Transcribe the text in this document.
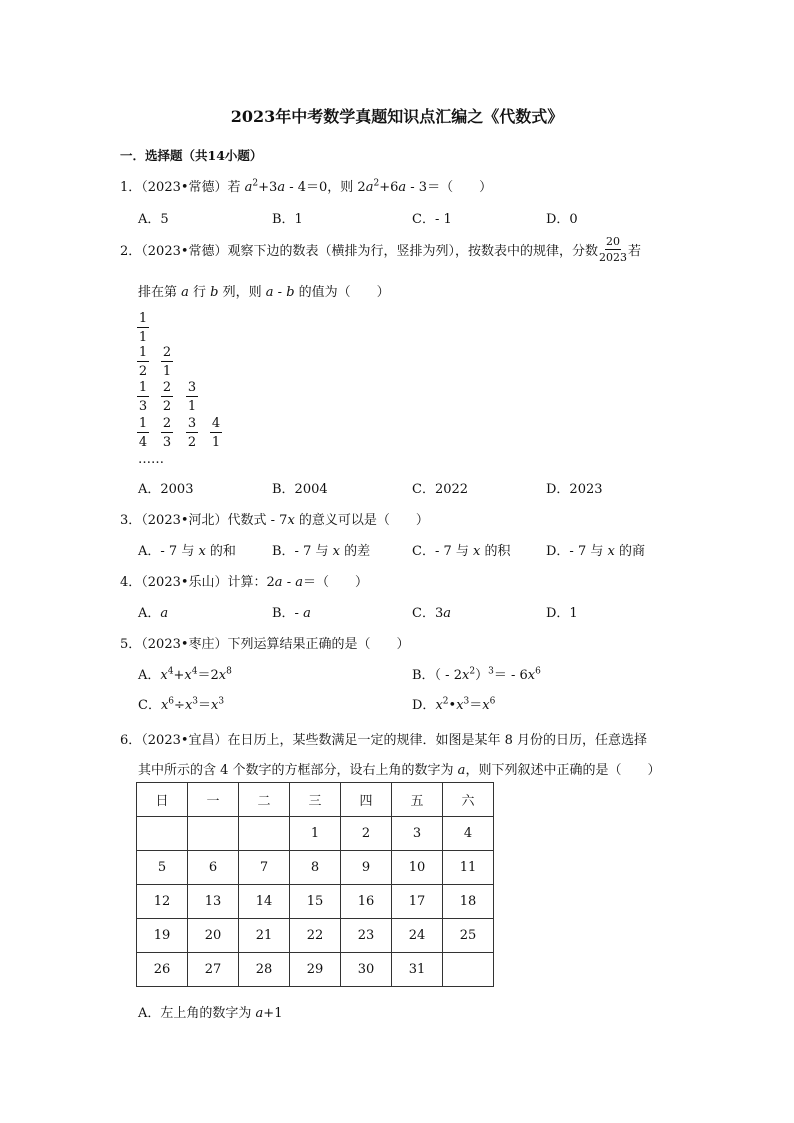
2023年中考数学真题知识点汇编之《代数式》
一．选择题（共14小题）
1．（2023•常德）若 $a^2+3a - 4=0$，则 $2a^2+6a - 3=$（　　）
A．5	B．1	C．- 1	D．0
2．（2023•常德）观察下边的数表（横排为行，竖排为列），按数表中的规律，分数 $\frac{20}{2023}$ 若
排在第 a 行 b 列，则 a - b 的值为（　　）
$\frac{1}{1}$
$\frac{1}{2} \frac{2}{1}$
$\frac{1}{3} \frac{2}{2} \frac{3}{1}$
$\frac{1}{4} \frac{2}{3} \frac{3}{2} \frac{4}{1}$
……
A．2003	B．2004	C．2022	D．2023
3．（2023•河北）代数式 - 7x 的意义可以是（　　）
A．- 7 与 x 的和	B．- 7 与 x 的差	C．- 7 与 x 的积	D．- 7 与 x 的商
4．（2023•乐山）计算：2a - a＝（　　）
A．a	B．- a	C．3a	D．1
5．（2023•枣庄）下列运算结果正确的是（　　）
A．$x^4+x^4=2x^8$	B．（ - $2x^2)^3= - 6x^6$
C．$x^6\div x^3=x^3$	D．$x^2•x^3=x^6$
6．（2023•宜昌）在日历上，某些数满足一定的规律．如图是某年 8 月份的日历，任意选择
其中所示的含 4 个数字的方框部分，设右上角的数字为 a，则下列叙述中正确的是（　　）
日	一	二	三	四	五	六
			1	2	3	4
5	6	7	8	9	10	11
12	13	14	15	16	17	18
19	20	21	22	23	24	25
26	27	28	29	30	31	
A．左上角的数字为 a+1
